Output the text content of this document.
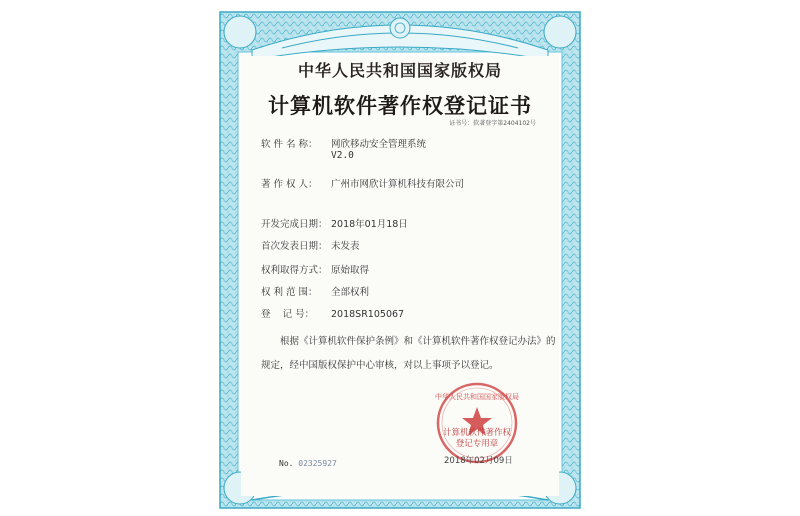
中华人民共和国国家版权局
计算机软件著作权登记证书
证书号：软著登字第2404102号
软 件 名 称： 网欣移动安全管理系统
V2.0
著 作 权 人： 广州市网欣计算机科技有限公司
开发完成日期： 2018年01月18日
首次发表日期： 未发表
权利取得方式： 原始取得
权 利 范 围： 全部权利
登    记 号： 2018SR105067
根据《计算机软件保护条例》和《计算机软件著作权登记办法》的
规定，经中国版权保护中心审核，对以上事项予以登记。
中华人民共和国国家版权局
计算机软件著作权
登记专用章
2018年02月09日
No. 02325927
